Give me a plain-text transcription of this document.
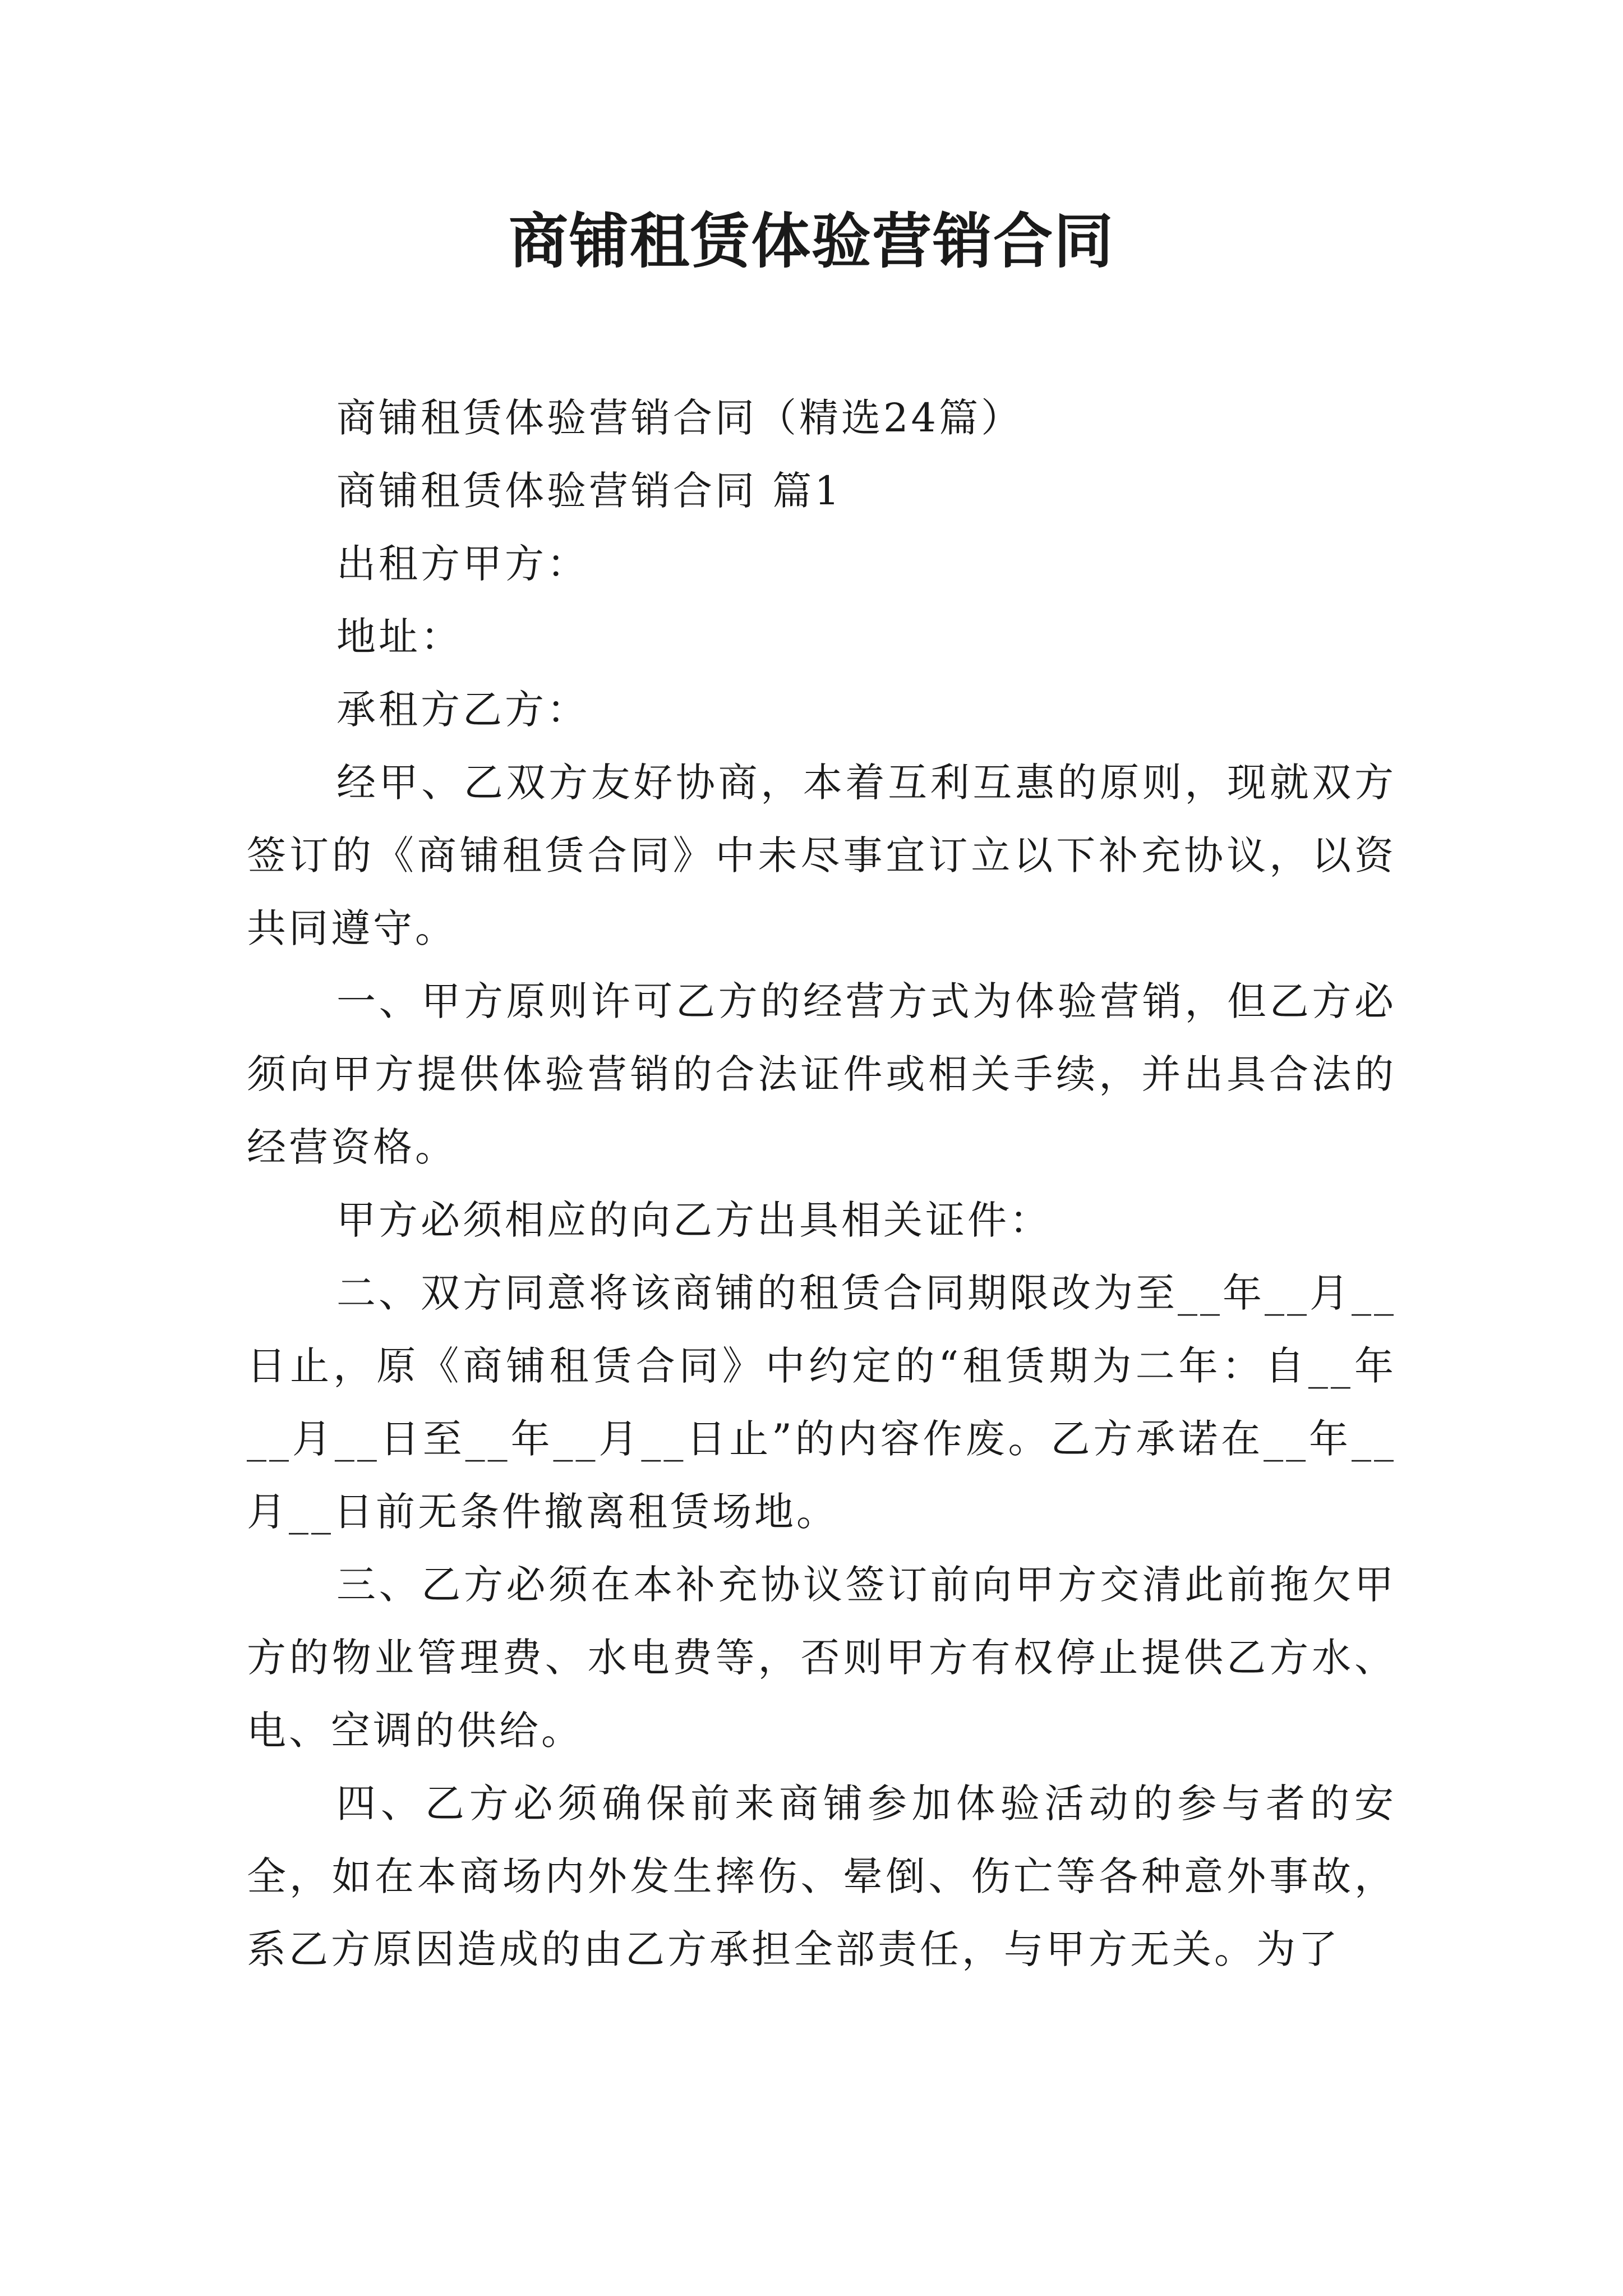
商铺租赁体验营销合同

商铺租赁体验营销合同（精选24篇）

商铺租赁体验营销合同 篇1

出租方甲方：

地址：

承租方乙方：

经甲、乙双方友好协商，本着互利互惠的原则，现就双方签订的《商铺租赁合同》中未尽事宜订立以下补充协议，以资共同遵守。

一、甲方原则许可乙方的经营方式为体验营销，但乙方必须向甲方提供体验营销的合法证件或相关手续，并出具合法的经营资格。

甲方必须相应的向乙方出具相关证件：

二、双方同意将该商铺的租赁合同期限改为至__年__月__日止，原《商铺租赁合同》中约定的“租赁期为二年：自__年__月__日至__年__月__日止”的内容作废。乙方承诺在__年__月__日前无条件撤离租赁场地。

三、乙方必须在本补充协议签订前向甲方交清此前拖欠甲方的物业管理费、水电费等，否则甲方有权停止提供乙方水、电、空调的供给。

四、乙方必须确保前来商铺参加体验活动的参与者的安全，如在本商场内外发生摔伤、晕倒、伤亡等各种意外事故，系乙方原因造成的由乙方承担全部责任，与甲方无关。为了
